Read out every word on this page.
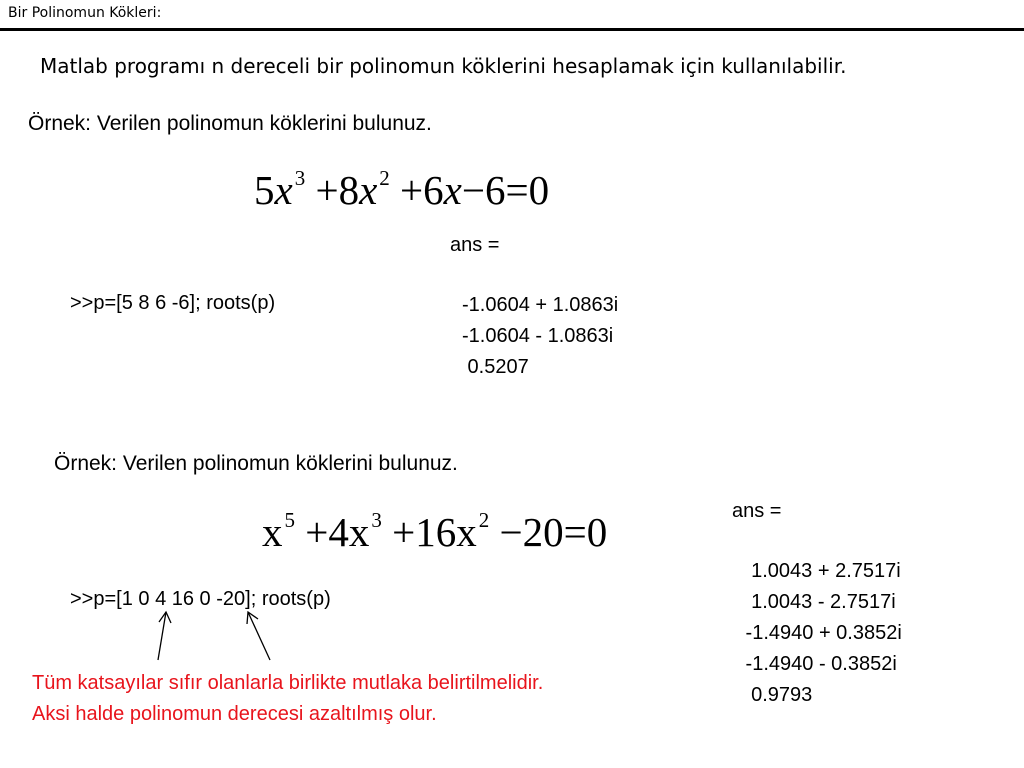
Bir Polinomun Kökleri:
Matlab programı n dereceli bir polinomun köklerini hesaplamak için kullanılabilir.
Örnek: Verilen polinomun köklerini bulunuz.
$5x^3 +8x^2 +6x-6=0$
ans =
>>p=[5 8 6 -6]; roots(p)	-1.0604 + 1.0863i
-1.0604 - 1.0863i
0.5207
Örnek: Verilen polinomun köklerini bulunuz.
$x^5 +4x^3 +16x^2 -20=0$	ans =
>>p=[1 0 4 16 0 -20]; roots(p)
1.0043 + 2.7517i
1.0043 - 2.7517i
-1.4940 + 0.3852i
-1.4940 - 0.3852i
0.9793
Tüm katsayılar sıfır olanlarla birlikte mutlaka belirtilmelidir.
Aksi halde polinomun derecesi azaltılmış olur.
